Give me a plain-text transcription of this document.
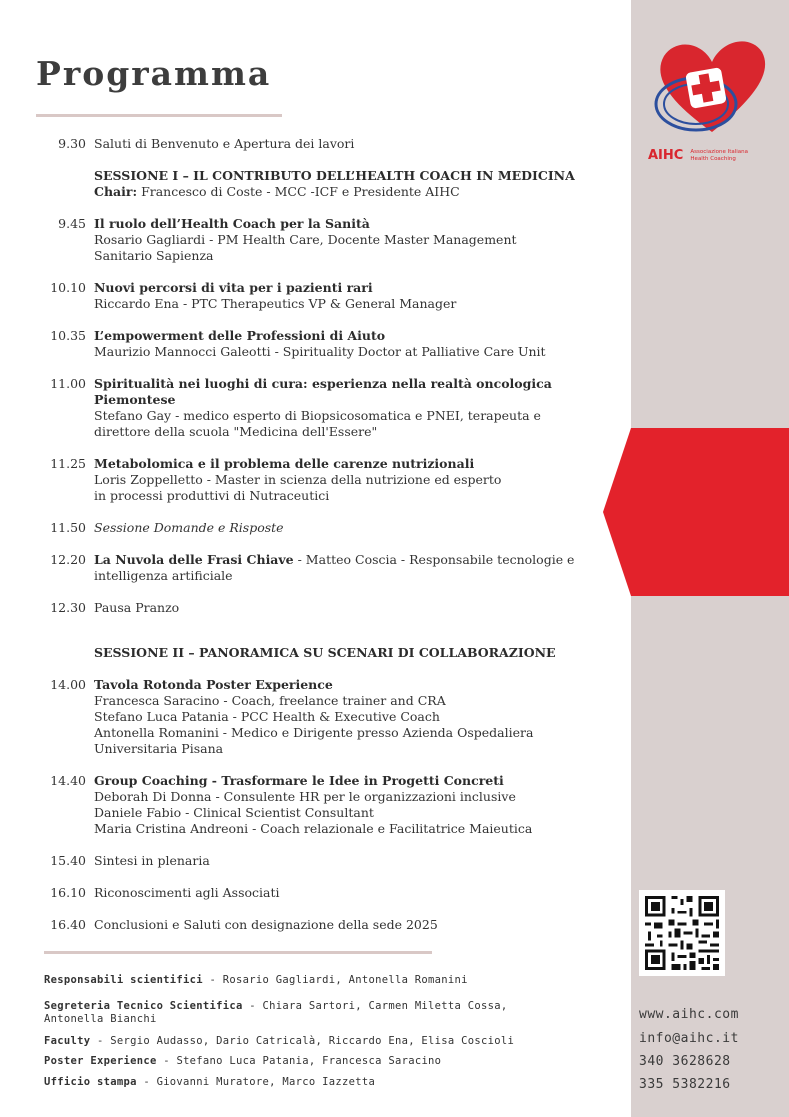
AIHC Associazione Italiana
Health Coaching
Programma
9.30 Saluti di Benvenuto e Apertura dei lavori
SESSIONE I – IL CONTRIBUTO DELL’HEALTH COACH IN MEDICINA
Chair: Francesco di Coste - MCC -ICF e Presidente AIHC
9.45 Il ruolo dell’Health Coach per la Sanità
Rosario Gagliardi - PM Health Care, Docente Master Management
Sanitario Sapienza
10.10 Nuovi percorsi di vita per i pazienti rari
Riccardo Ena - PTC Therapeutics VP & General Manager
10.35 L’empowerment delle Professioni di Aiuto
Maurizio Mannocci Galeotti - Spirituality Doctor at Palliative Care Unit
11.00 Spiritualità nei luoghi di cura: esperienza nella realtà oncologica
Piemontese
Stefano Gay - medico esperto di Biopsicosomatica e PNEI, terapeuta e
direttore della scuola "Medicina dell'Essere"
11.25 Metabolomica e il problema delle carenze nutrizionali
Loris Zoppelletto - Master in scienza della nutrizione ed esperto
in processi produttivi di Nutraceutici
11.50 Sessione Domande e Risposte
12.20 La Nuvola delle Frasi Chiave - Matteo Coscia - Responsabile tecnologie e
intelligenza artificiale
12.30 Pausa Pranzo
SESSIONE II – PANORAMICA SU SCENARI DI COLLABORAZIONE
14.00 Tavola Rotonda Poster Experience
Francesca Saracino - Coach, freelance trainer and CRA
Stefano Luca Patania - PCC Health & Executive Coach
Antonella Romanini - Medico e Dirigente presso Azienda Ospedaliera
Universitaria Pisana
14.40 Group Coaching - Trasformare le Idee in Progetti Concreti
Deborah Di Donna - Consulente HR per le organizzazioni inclusive
Daniele Fabio - Clinical Scientist Consultant
Maria Cristina Andreoni - Coach relazionale e Facilitatrice Maieutica
15.40 Sintesi in plenaria
16.10 Riconoscimenti agli Associati
16.40 Conclusioni e Saluti con designazione della sede 2025
Responsabili scientifici - Rosario Gagliardi, Antonella Romanini
Segreteria Tecnico Scientifica - Chiara Sartori, Carmen Miletta Cossa,
Antonella Bianchi
Faculty - Sergio Audasso, Dario Catricalà, Riccardo Ena, Elisa Coscioli
Poster Experience - Stefano Luca Patania, Francesca Saracino
Ufficio stampa - Giovanni Muratore, Marco Iazzetta
www.aihc.com
info@aihc.it
340 3628628
335 5382216
